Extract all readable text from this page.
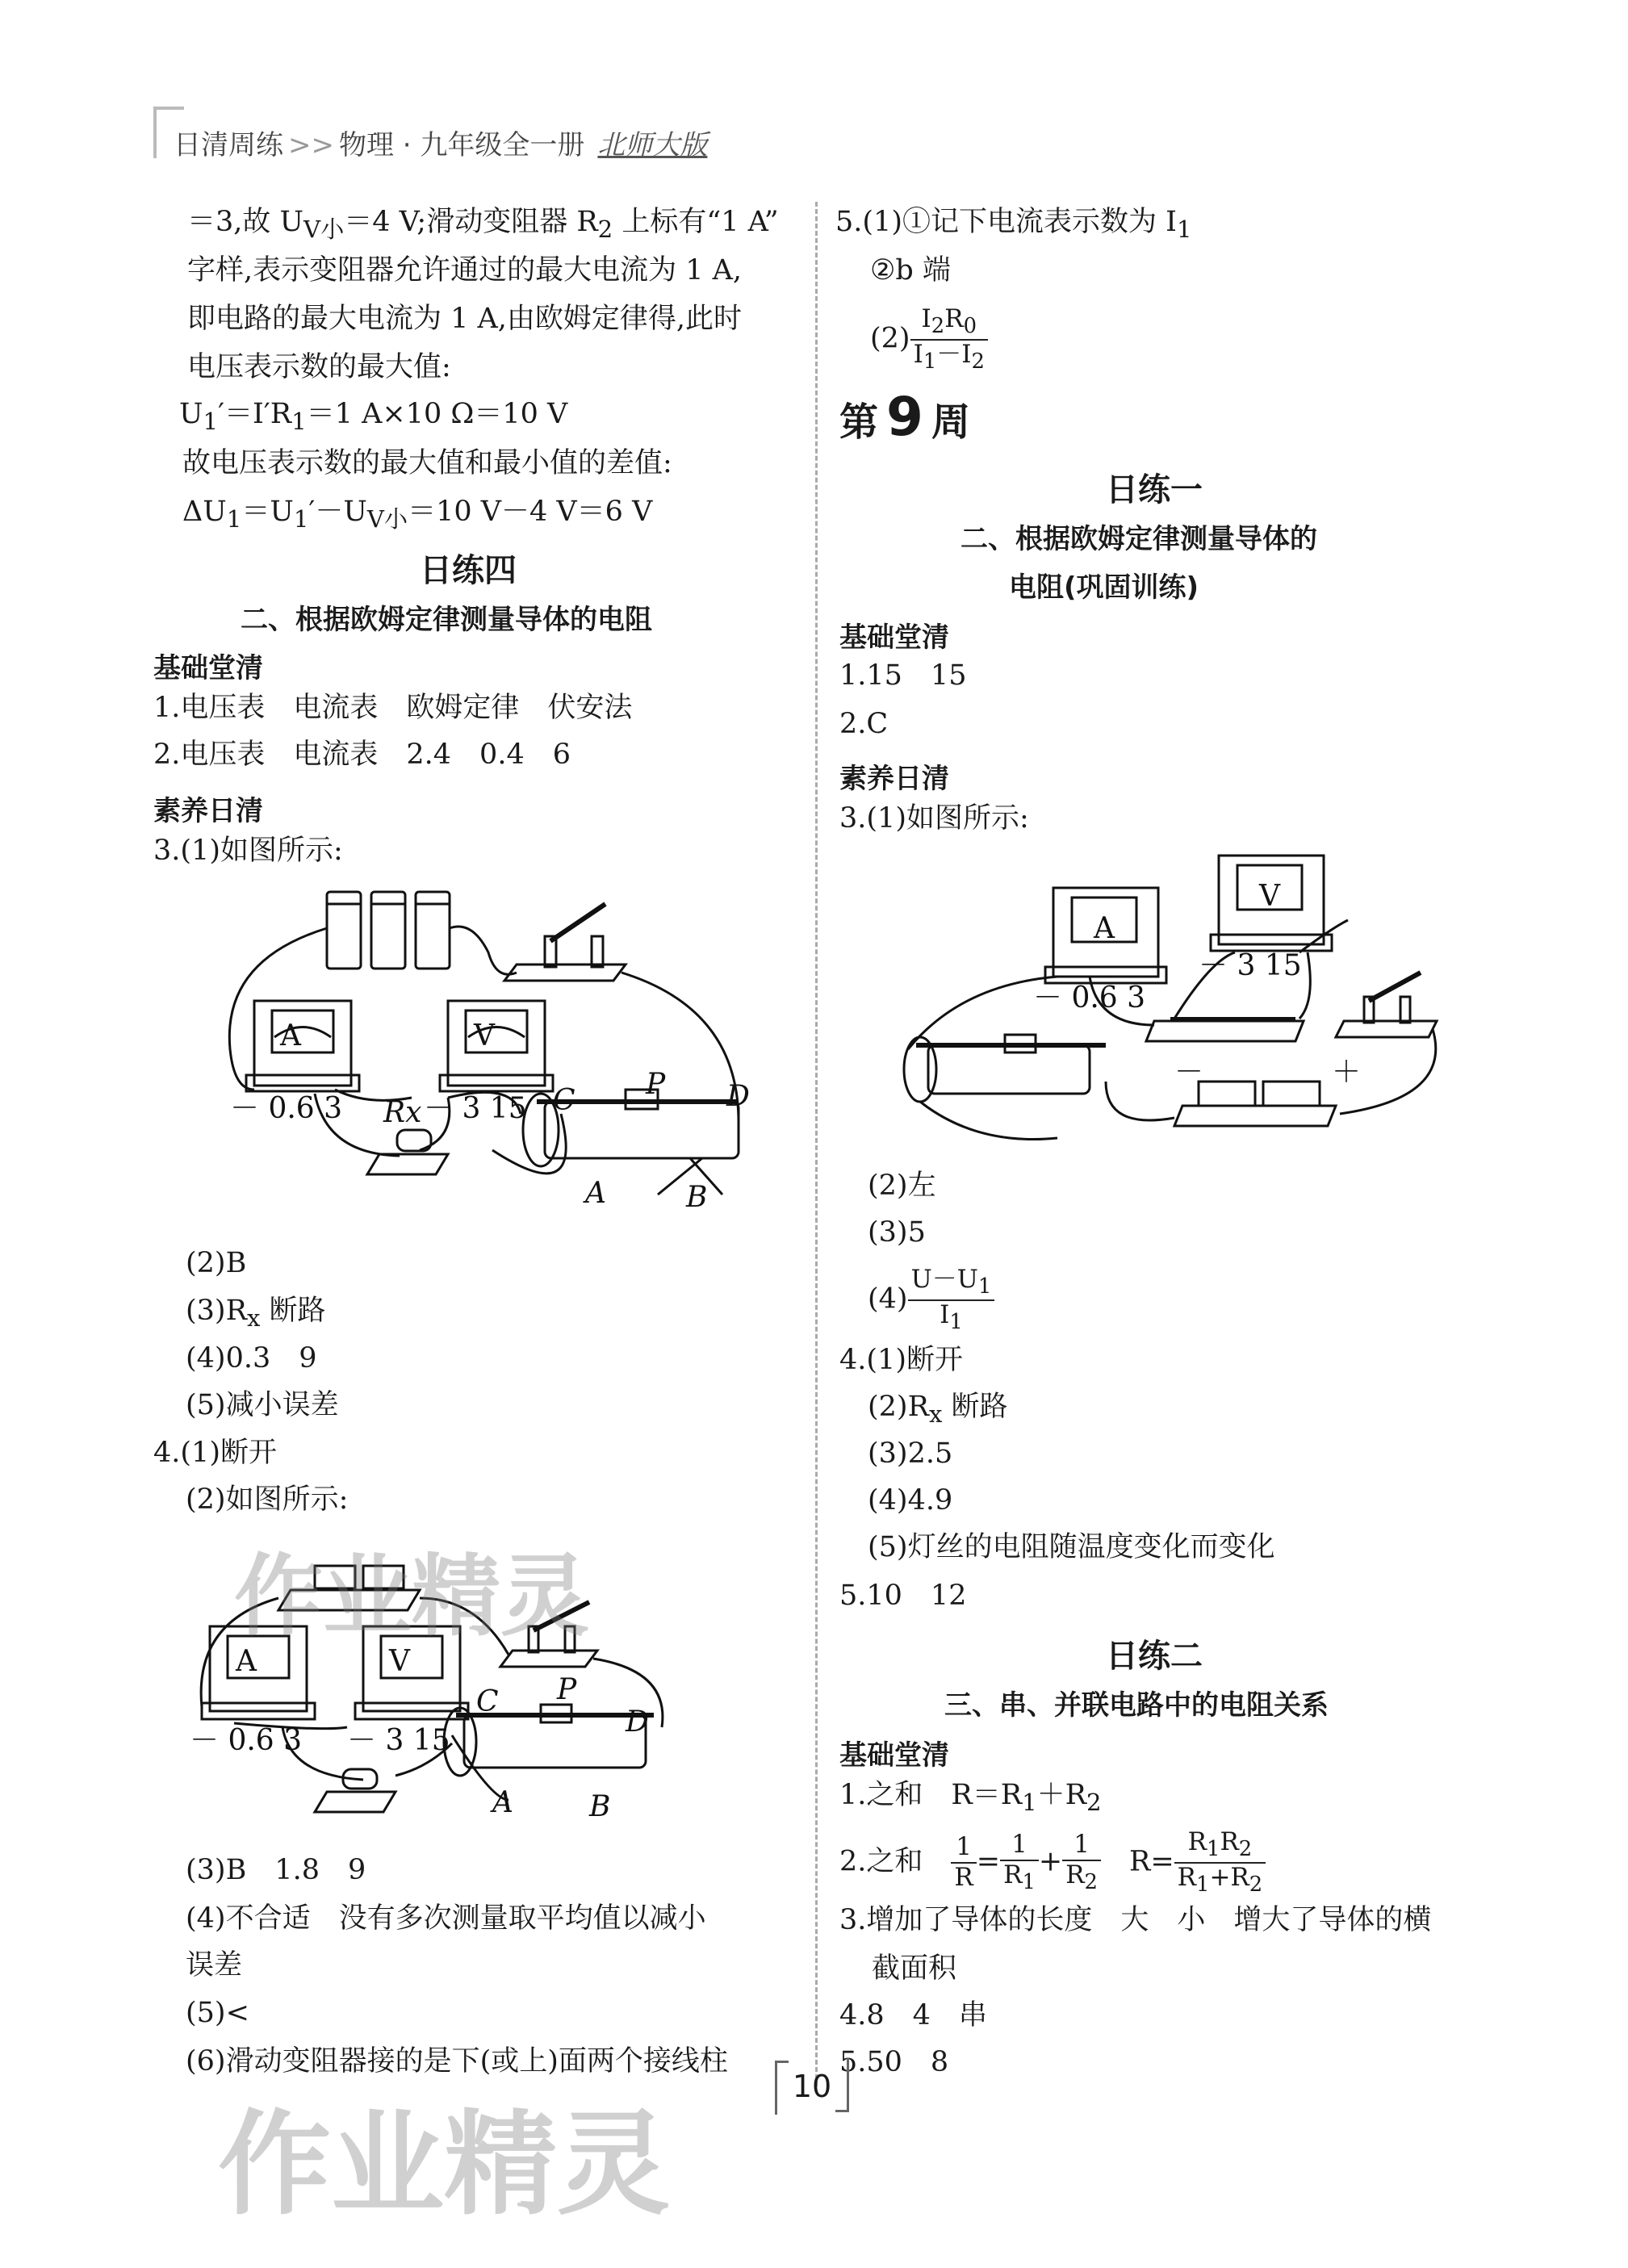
日清周练 >> 物理 · 九年级全一册 北师大版
＝3,故 $U_{V小}=4$ V;滑动变阻器 $R_2$ 上标有“1 A”
字样,表示变阻器允许通过的最大电流为 1 A,
即电路的最大电流为 1 A,由欧姆定律得,此时
电压表示数的最大值:
$U_1'=I'R_1=1$ A×10 Ω＝10 V
故电压表示数的最大值和最小值的差值:
$\Delta U_1=U_1'-U_{V小}=10$ V－4 V＝6 V
日练四
二、根据欧姆定律测量导体的电阻
基础堂清
1.电压表　电流表　欧姆定律　伏安法
2.电压表　电流表　2.4　0.4　6
素养日清
3.(1)如图所示:
A	V
－ 0.6 3	－ 3 15
Rx	C P D
A	B
(2)B
$(3)R_x$ 断路
(4)0.3　9
(5)减小误差
4.(1)断开
(2)如图所示:
A	V
－ 0.6 3 － 3 15
C P
D
A	B
(3)B　1.8　9
(4)不合适　没有多次测量取平均值以减小
误差
(5)<
(6)滑动变阻器接的是下(或上)面两个接线柱
5.(1)①记下电流表示数为 $I_1$
②b 端
$(2) \frac{I_2R_0}{I_1-I_2}$
第 9 周
日练一
二、根据欧姆定律测量导体的
电阻(巩固训练)
基础堂清
1.15　15
2.C
素养日清
3.(1)如图所示:
A
V
－ 0.6 3
－ 3 15
－	＋
(2)左
(3)5
$(4) \frac{U-U_1}{I_1}$
4.(1)断开
$(2)R_x$ 断路
(3)2.5
(4)4.9
(5)灯丝的电阻随温度变化而变化
5.10　12
日练二
三、串、并联电路中的电阻关系
基础堂清
1.之和　$R=R_1+R_2$
2.之和　 $\frac{1}{R} = \frac{1}{R_1} + \frac{1}{R_2}$ 　$R= \frac{R_1R_2}{R_1+R_2}$
3.增加了导体的长度　大　小　增大了导体的横
截面积
4.8　4　串
5.50　8
10
作业精灵
作业精灵
